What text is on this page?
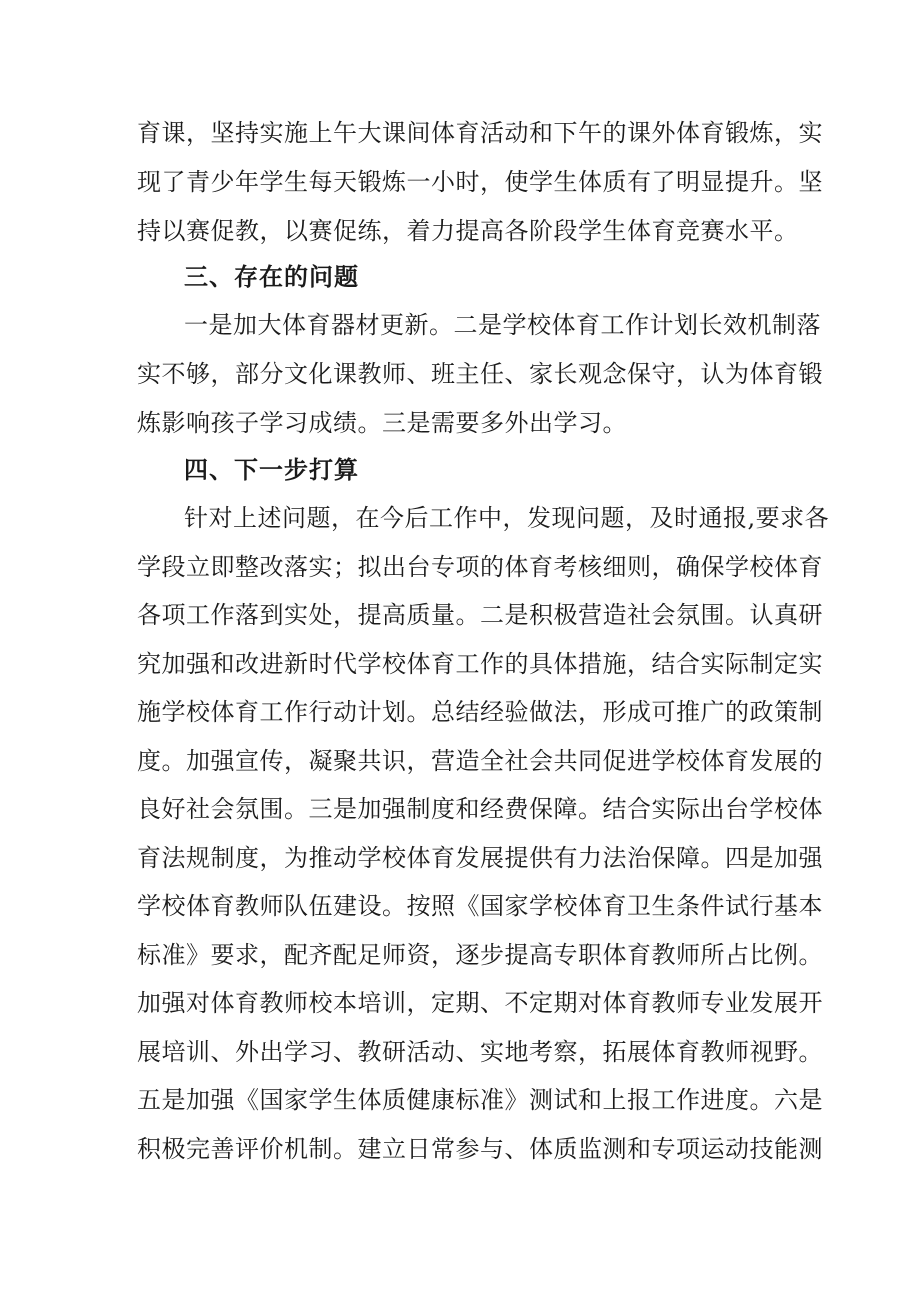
育课，坚持实施上午大课间体育活动和下午的课外体育锻炼，实
现了青少年学生每天锻炼一小时，使学生体质有了明显提升。坚
持以赛促教，以赛促练，着力提高各阶段学生体育竞赛水平。
三、存在的问题
一是加大体育器材更新。二是学校体育工作计划长效机制落
实不够，部分文化课教师、班主任、家长观念保守，认为体育锻
炼影响孩子学习成绩。三是需要多外出学习。
四、下一步打算
针对上述问题，在今后工作中，发现问题，及时通报,要求各
学段立即整改落实；拟出台专项的体育考核细则，确保学校体育
各项工作落到实处，提高质量。二是积极营造社会氛围。认真研
究加强和改进新时代学校体育工作的具体措施，结合实际制定实
施学校体育工作行动计划。总结经验做法，形成可推广的政策制
度。加强宣传，凝聚共识，营造全社会共同促进学校体育发展的
良好社会氛围。三是加强制度和经费保障。结合实际出台学校体
育法规制度，为推动学校体育发展提供有力法治保障。四是加强
学校体育教师队伍建设。按照《国家学校体育卫生条件试行基本
标准》要求，配齐配足师资，逐步提高专职体育教师所占比例。
加强对体育教师校本培训，定期、不定期对体育教师专业发展开
展培训、外出学习、教研活动、实地考察，拓展体育教师视野。
五是加强《国家学生体质健康标准》测试和上报工作进度。六是
积极完善评价机制。建立日常参与、体质监测和专项运动技能测
